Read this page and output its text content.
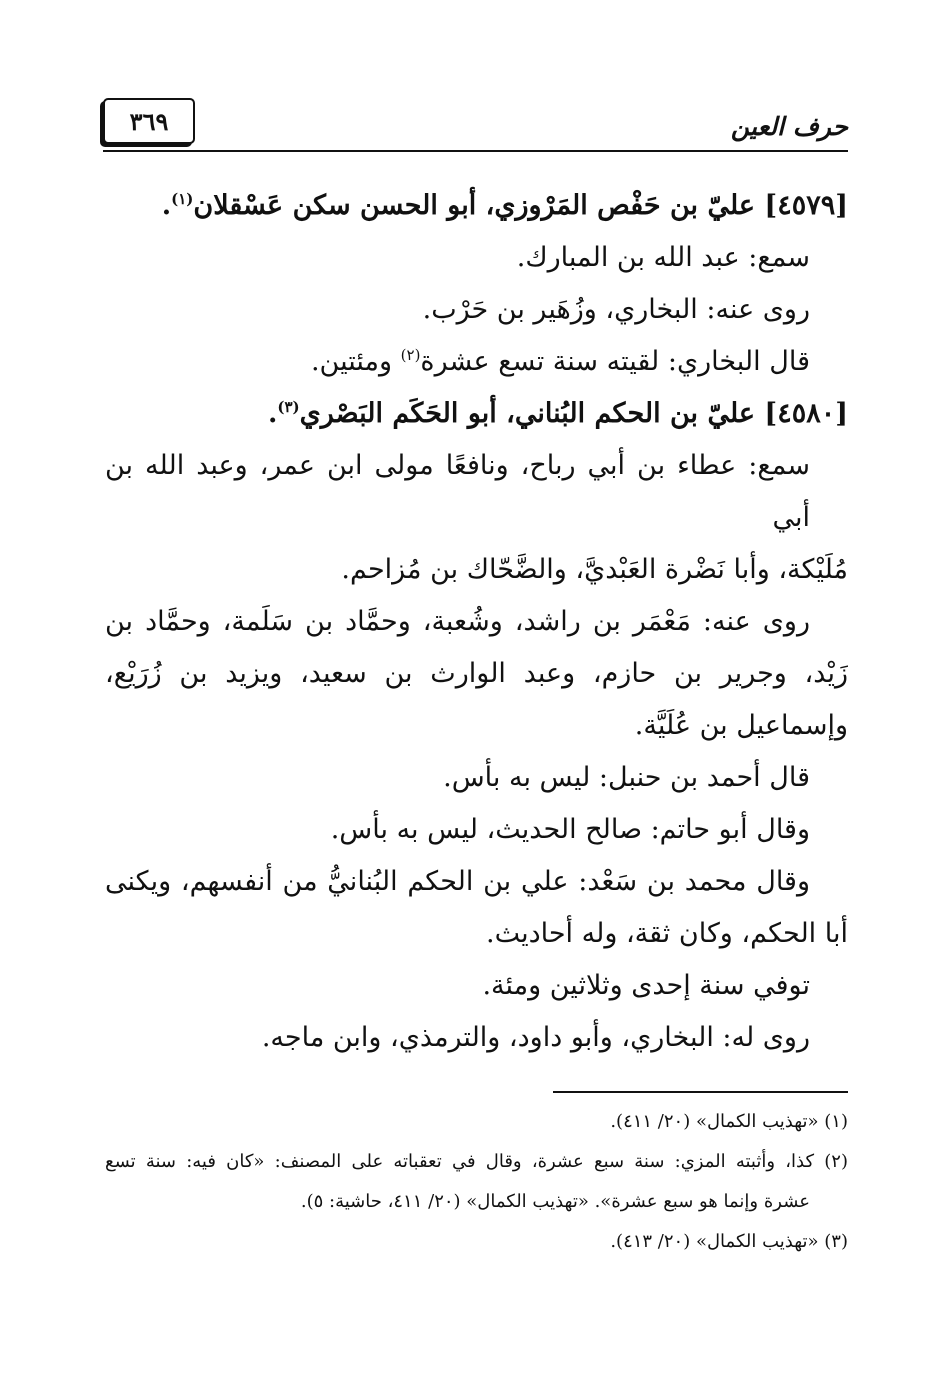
حرف العين
٣٦٩
[٤٥٧٩] عليّ بن حَفْص المَرْوزي، أبو الحسن سكن عَسْقلان$^{(١)}$.
سمع: عبد الله بن المبارك.
روى عنه: البخاري، وزُهَير بن حَرْب.
قال البخاري: لقيته سنة تسع عشرة$^{(٢)}$ ومئتين.
[٤٥٨٠] عليّ بن الحكم البُناني، أبو الحَكَم البَصْري$^{(٣)}$.
سمع: عطاء بن أبي رباح، ونافعًا مولى ابن عمر، وعبد الله بن أبي
مُلَيْكة، وأبا نَضْرة العَبْديَّ، والضَّحّاك بن مُزاحم.
روى عنه: مَعْمَر بن راشد، وشُعبة، وحمَّاد بن سَلَمة، وحمَّاد بن
زَيْد، وجرير بن حازم، وعبد الوارث بن سعيد، ويزيد بن زُرَيْع،
وإسماعيل بن عُلَيَّة.
قال أحمد بن حنبل: ليس به بأس.
وقال أبو حاتم: صالح الحديث، ليس به بأس.
وقال محمد بن سَعْد: علي بن الحكم البُنانيُّ من أنفسهم، ويكنى
أبا الحكم، وكان ثقة، وله أحاديث.
توفي سنة إحدى وثلاثين ومئة.
روى له: البخاري، وأبو داود، والترمذي، وابن ماجه.
(١) «تهذيب الكمال» (٢٠/ ٤١١).
(٢) كذا، وأثبته المزي: سنة سبع عشرة، وقال في تعقباته على المصنف: «كان فيه: سنة تسع
عشرة وإنما هو سبع عشرة». «تهذيب الكمال» (٢٠/ ٤١١، حاشية: ٥).
(٣) «تهذيب الكمال» (٢٠/ ٤١٣).
